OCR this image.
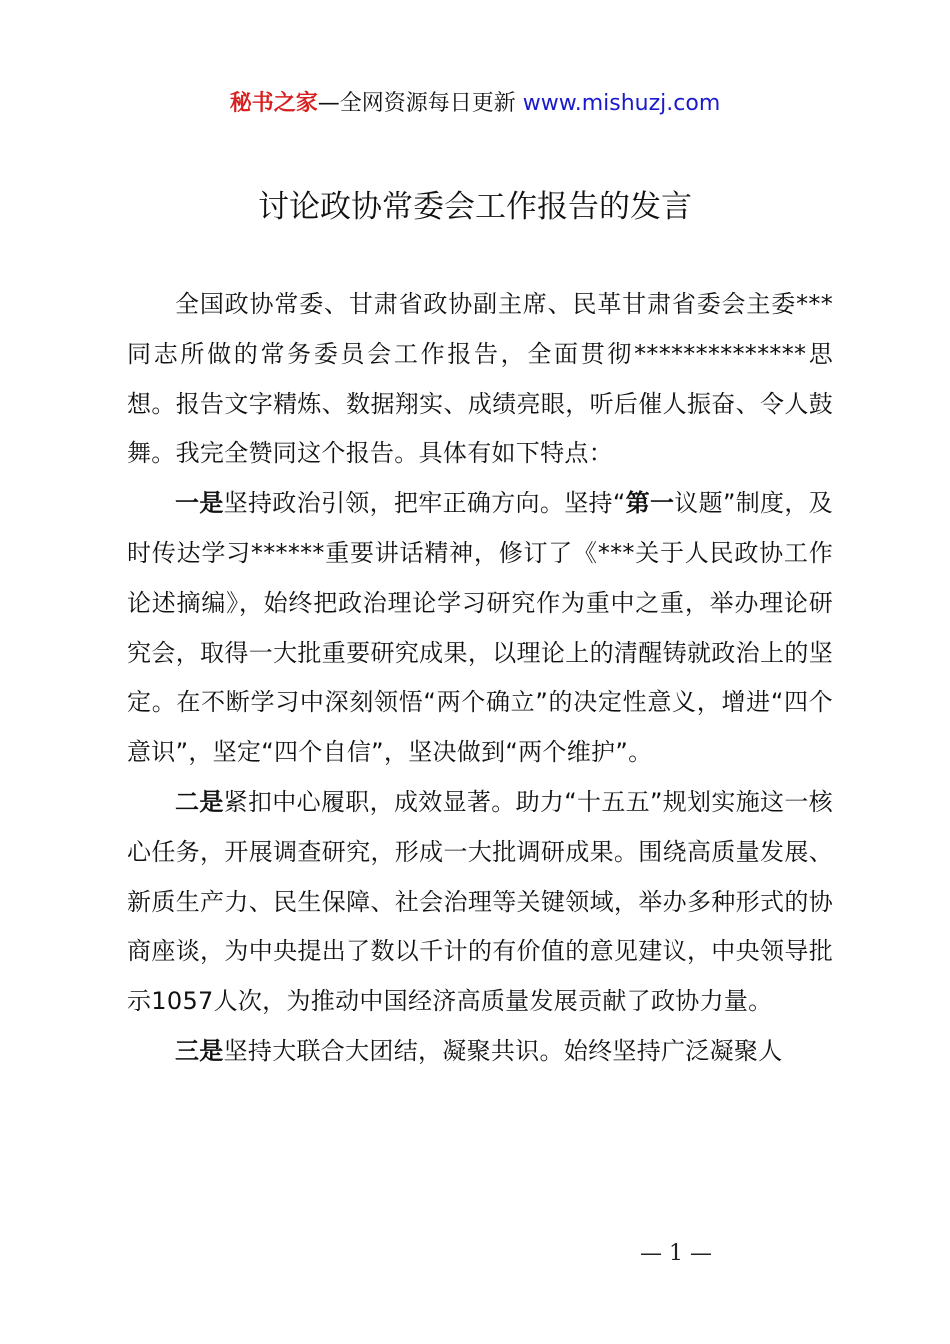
秘书之家—全网资源每日更新 www.mishuzj.com
讨论政协常委会工作报告的发言

全国政协常委、甘肃省政协副主席、民革甘肃省委会主委***同志所做的常务委员会工作报告，全面贯彻**************思想。报告文字精炼、数据翔实、成绩亮眼，听后催人振奋、令人鼓舞。我完全赞同这个报告。具体有如下特点：

一是坚持政治引领，把牢正确方向。坚持“第一议题”制度，及时传达学习******重要讲话精神，修订了《***关于人民政协工作论述摘编》，始终把政治理论学习研究作为重中之重，举办理论研究会，取得一大批重要研究成果，以理论上的清醒铸就政治上的坚定。在不断学习中深刻领悟“两个确立”的决定性意义，增进“四个意识”，坚定“四个自信”，坚决做到“两个维护”。

二是紧扣中心履职，成效显著。助力“十五五”规划实施这一核心任务，开展调查研究，形成一大批调研成果。围绕高质量发展、新质生产力、民生保障、社会治理等关键领域，举办多种形式的协商座谈，为中央提出了数以千计的有价值的意见建议，中央领导批示1057人次，为推动中国经济高质量发展贡献了政协力量。

三是坚持大联合大团结，凝聚共识。始终坚持广泛凝聚人

— 1 —
